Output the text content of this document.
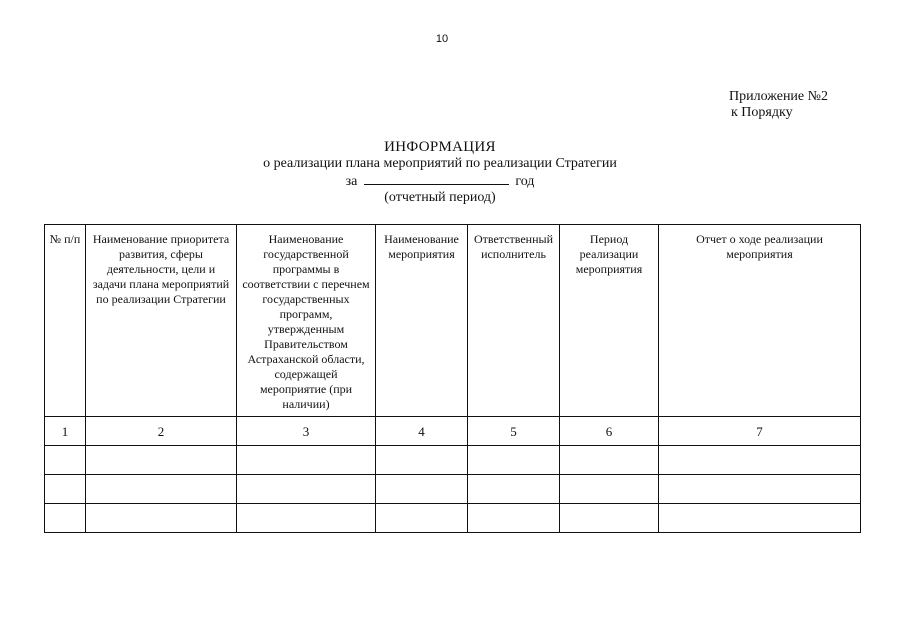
10
Приложение №2
к Порядку
ИНФОРМАЦИЯ
о реализации плана мероприятий по реализации Стратегии
за	год
(отчетный период)
№ п/п	Наименование приоритета развития, сферы деятельности, цели и задачи плана мероприятий по реализации Стратегии	Наименование государственной программы в соответствии с перечнем государственных программ, утвержденным Правительством Астраханской области, содержащей мероприятие (при наличии)	Наименование мероприятия	Ответственный исполнитель	Период реализации мероприятия	Отчет о ходе реализации мероприятия
1	2	3	4	5	6	7
